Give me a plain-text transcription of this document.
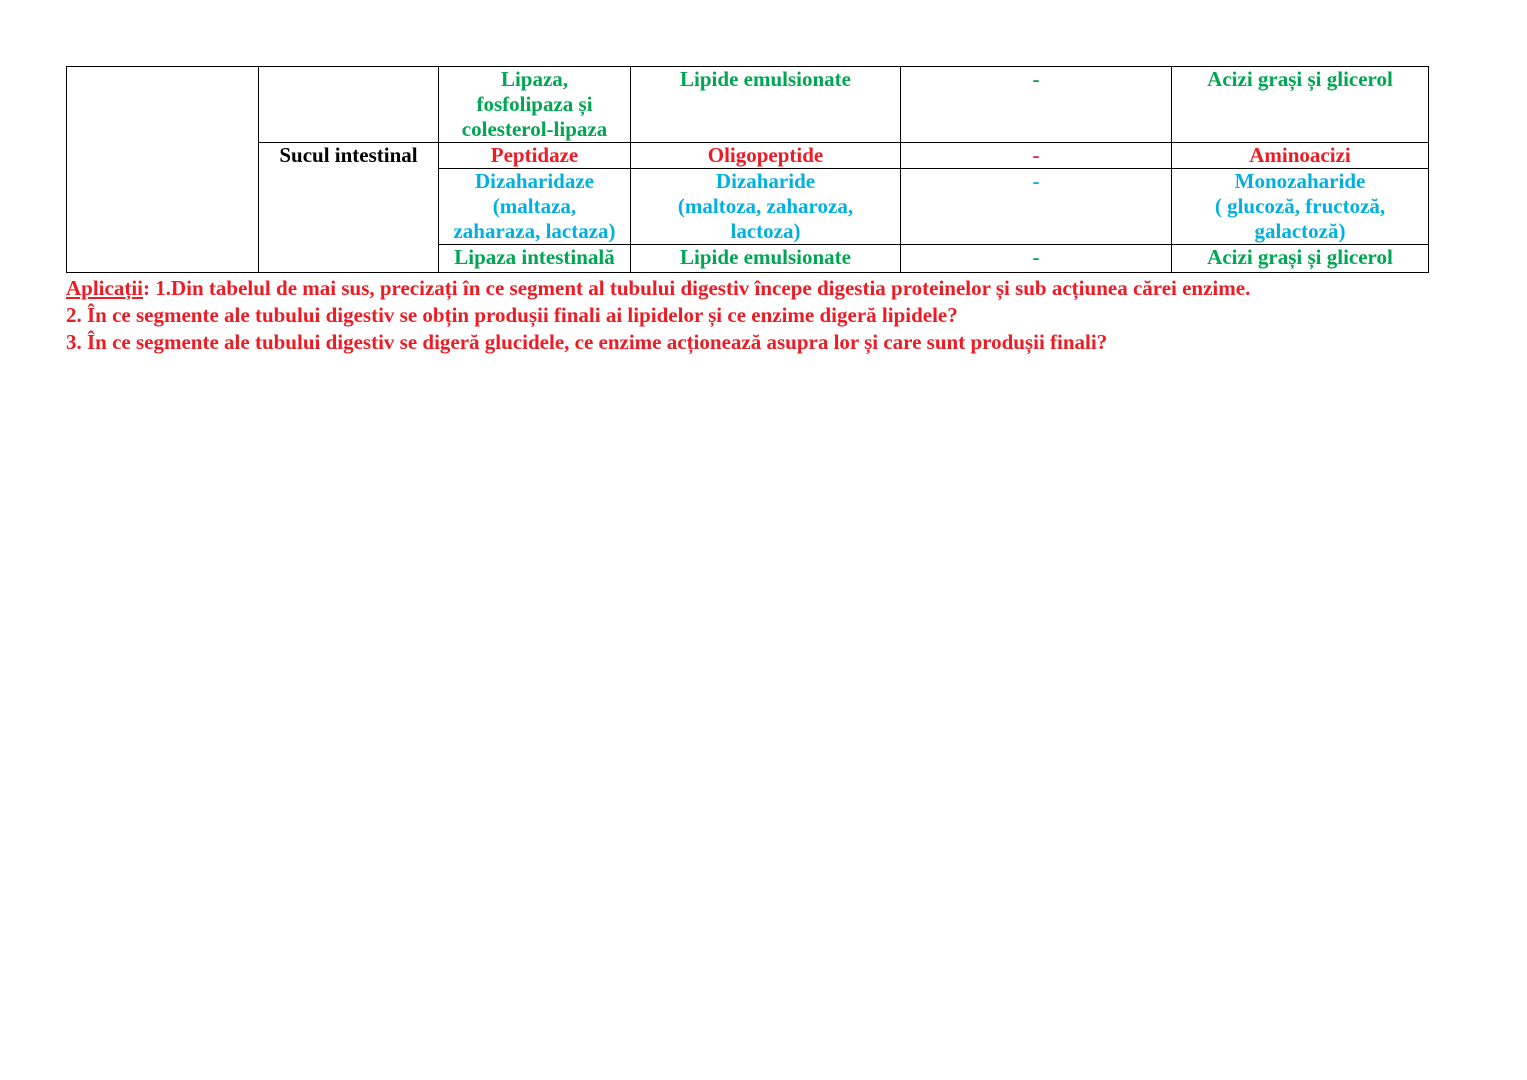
		Lipaza,
fosfolipaza și
colesterol-lipaza	Lipide emulsionate	-	Acizi grași și glicerol
	Sucul intestinal	Peptidaze	Oligopeptide	-	Aminoacizi
		Dizaharidaze
(maltaza,
zaharaza, lactaza)	Dizaharide
(maltoza, zaharoza,
lactoza)	-	Monozaharide
( glucoză, fructoză,
galactoză)
		Lipaza intestinală	Lipide emulsionate	-	Acizi grași și glicerol
Aplicații: 1.Din tabelul de mai sus, precizați în ce segment al tubului digestiv începe digestia proteinelor și sub acțiunea cărei enzime.
2. În ce segmente ale tubului digestiv se obțin produșii finali ai lipidelor și ce enzime digeră lipidele?
3. În ce segmente ale tubului digestiv se digeră glucidele, ce enzime acționează asupra lor și care sunt produșii finali?
